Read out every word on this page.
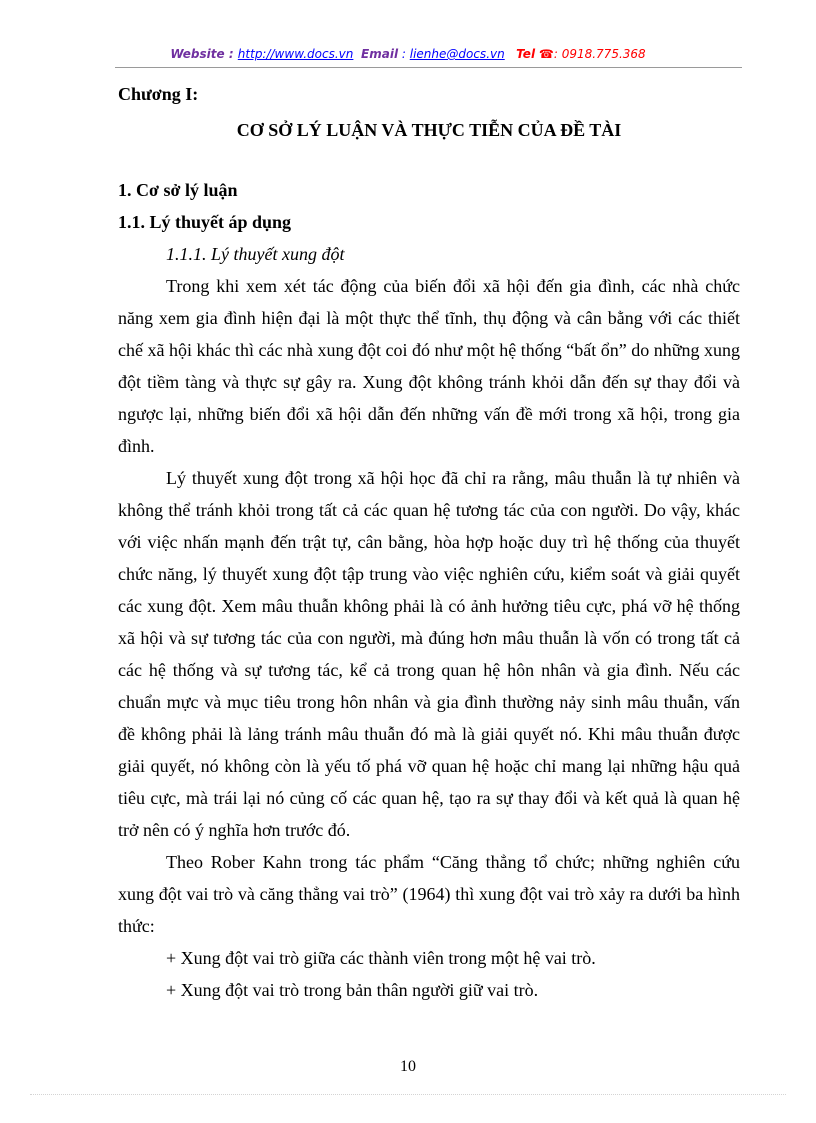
Website : http://www.docs.vn Email : lienhe@docs.vn Tel ☎: 0918.775.368

Chương I:

CƠ SỞ LÝ LUẬN VÀ THỰC TIỄN CỦA ĐỀ TÀI

1. Cơ sở lý luận

1.1. Lý thuyết áp dụng

1.1.1. Lý thuyết xung đột

Trong khi xem xét tác động của biến đổi xã hội đến gia đình, các nhà chức năng xem gia đình hiện đại là một thực thể tĩnh, thụ động và cân bằng với các thiết chế xã hội khác thì các nhà xung đột coi đó như một hệ thống “bất ổn” do những xung đột tiềm tàng và thực sự gây ra. Xung đột không tránh khỏi dẫn đến sự thay đổi và ngược lại, những biến đổi xã hội dẫn đến những vấn đề mới trong xã hội, trong gia đình.

Lý thuyết xung đột trong xã hội học đã chỉ ra rằng, mâu thuẫn là tự nhiên và không thể tránh khỏi trong tất cả các quan hệ tương tác của con người. Do vậy, khác với việc nhấn mạnh đến trật tự, cân bằng, hòa hợp hoặc duy trì hệ thống của thuyết chức năng, lý thuyết xung đột tập trung vào việc nghiên cứu, kiểm soát và giải quyết các xung đột. Xem mâu thuẫn không phải là có ảnh hưởng tiêu cực, phá vỡ hệ thống xã hội và sự tương tác của con người, mà đúng hơn mâu thuẫn là vốn có trong tất cả các hệ thống và sự tương tác, kể cả trong quan hệ hôn nhân và gia đình. Nếu các chuẩn mực và mục tiêu trong hôn nhân và gia đình thường nảy sinh mâu thuẫn, vấn đề không phải là lảng tránh mâu thuẫn đó mà là giải quyết nó. Khi mâu thuẫn được giải quyết, nó không còn là yếu tố phá vỡ quan hệ hoặc chỉ mang lại những hậu quả tiêu cực, mà trái lại nó củng cố các quan hệ, tạo ra sự thay đổi và kết quả là quan hệ trở nên có ý nghĩa hơn trước đó.

Theo Rober Kahn trong tác phẩm “Căng thẳng tổ chức; những nghiên cứu xung đột vai trò và căng thẳng vai trò” (1964) thì xung đột vai trò xảy ra dưới ba hình thức:

+ Xung đột vai trò giữa các thành viên trong một hệ vai trò.

+ Xung đột vai trò trong bản thân người giữ vai trò.

10
